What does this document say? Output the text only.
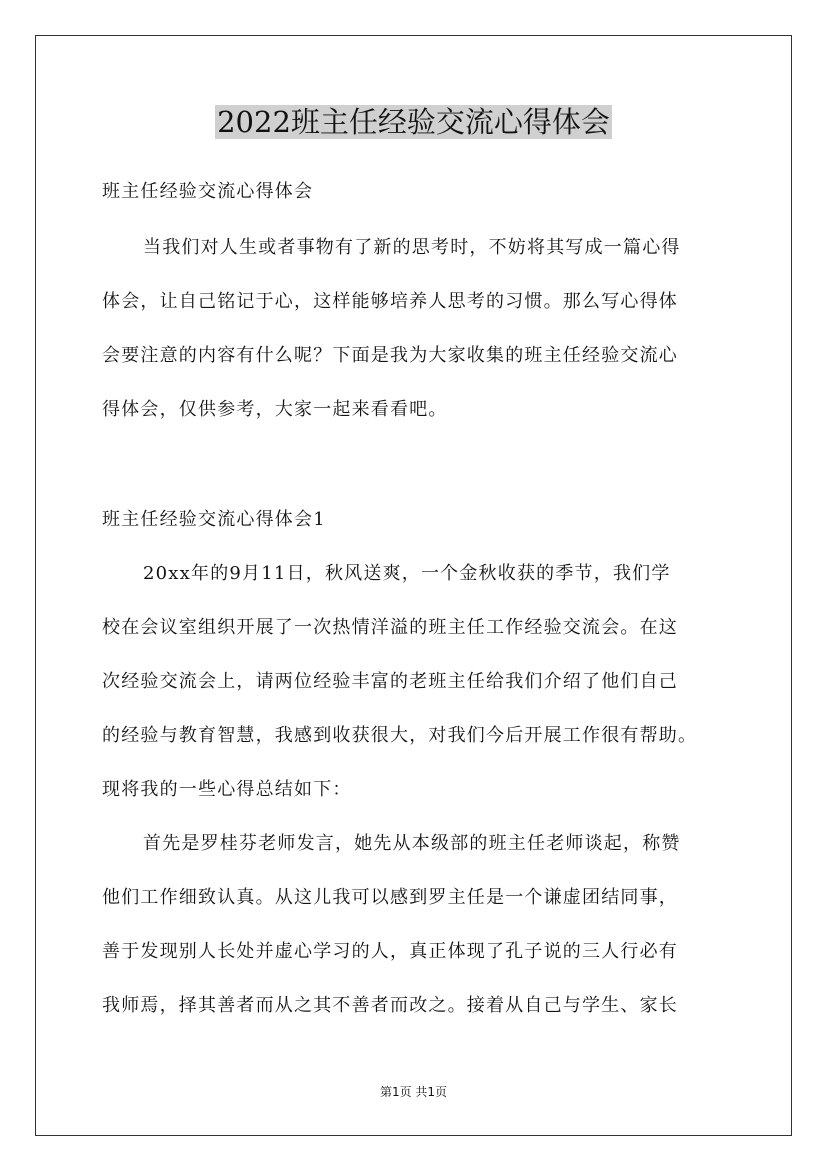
2022班主任经验交流心得体会

班主任经验交流心得体会

当我们对人生或者事物有了新的思考时，不妨将其写成一篇心得

体会，让自己铭记于心，这样能够培养人思考的习惯。那么写心得体

会要注意的内容有什么呢？下面是我为大家收集的班主任经验交流心

得体会，仅供参考，大家一起来看看吧。

班主任经验交流心得体会1

20xx年的9月11日，秋风送爽，一个金秋收获的季节，我们学

校在会议室组织开展了一次热情洋溢的班主任工作经验交流会。在这

次经验交流会上，请两位经验丰富的老班主任给我们介绍了他们自己

的经验与教育智慧，我感到收获很大，对我们今后开展工作很有帮助。

现将我的一些心得总结如下：

首先是罗桂芬老师发言，她先从本级部的班主任老师谈起，称赞

他们工作细致认真。从这儿我可以感到罗主任是一个谦虚团结同事，

善于发现别人长处并虚心学习的人，真正体现了孔子说的三人行必有

我师焉，择其善者而从之其不善者而改之。接着从自己与学生、家长

第1页 共1页
